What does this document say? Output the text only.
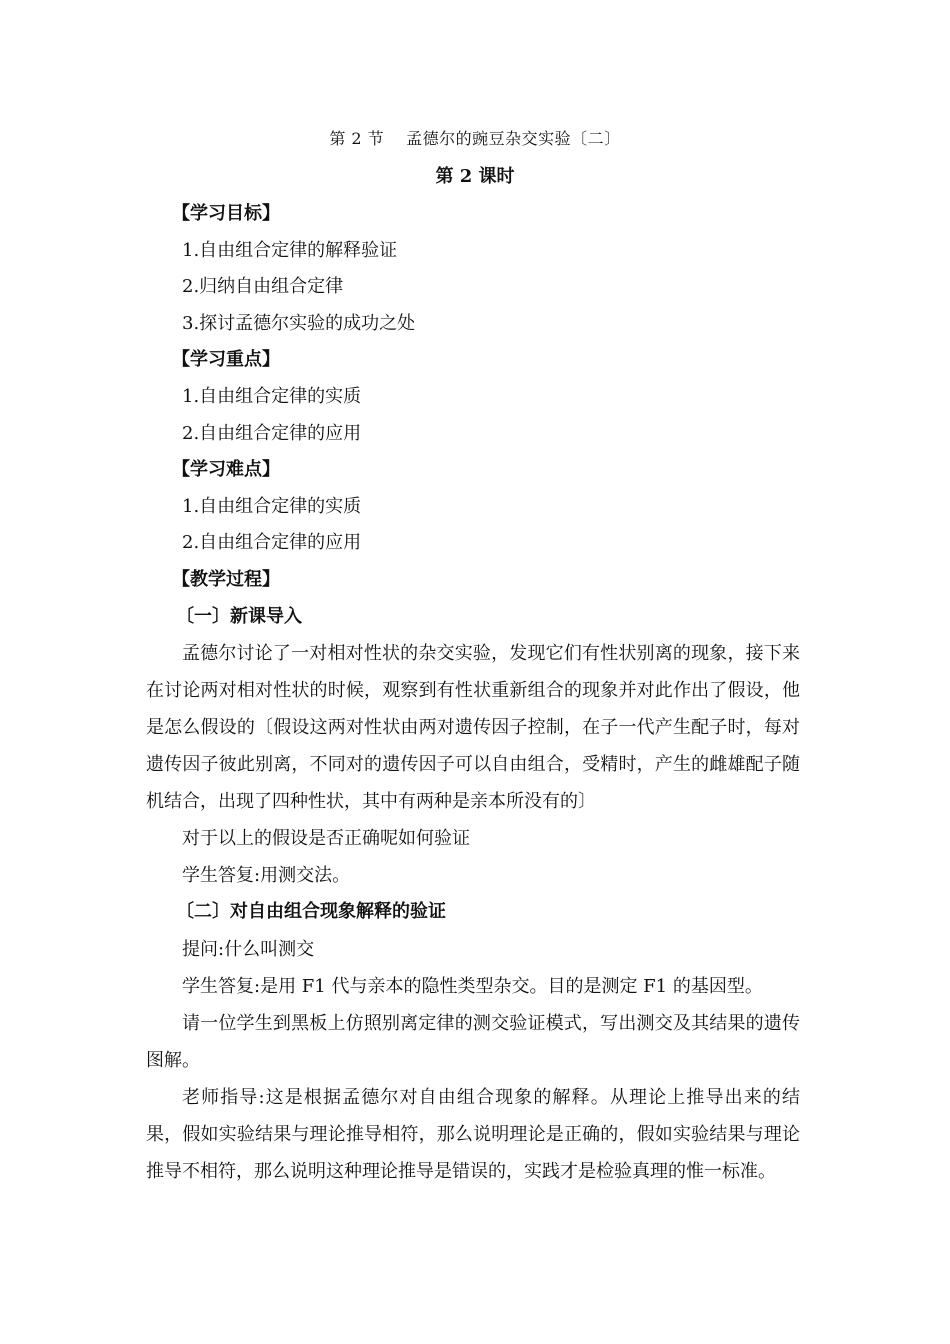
第 2 节 孟德尔的豌豆杂交实验〔二〕
第 2 课时

【学习目标】

1.自由组合定律的解释验证

2.归纳自由组合定律

3.探讨孟德尔实验的成功之处

【学习重点】

1.自由组合定律的实质

2.自由组合定律的应用

【学习难点】

1.自由组合定律的实质

2.自由组合定律的应用

【教学过程】

〔一〕新课导入

孟德尔讨论了一对相对性状的杂交实验，发现它们有性状别离的现象，接下来在讨论两对相对性状的时候，观察到有性状重新组合的现象并对此作出了假设，他是怎么假设的〔假设这两对性状由两对遗传因子控制，在子一代产生配子时，每对遗传因子彼此别离，不同对的遗传因子可以自由组合，受精时，产生的雌雄配子随机结合，出现了四种性状，其中有两种是亲本所没有的〕

对于以上的假设是否正确呢如何验证

学生答复:用测交法。

〔二〕对自由组合现象解释的验证

提问:什么叫测交

学生答复:是用 F1 代与亲本的隐性类型杂交。目的是测定 F1 的基因型。

请一位学生到黑板上仿照别离定律的测交验证模式，写出测交及其结果的遗传图解。

老师指导:这是根据孟德尔对自由组合现象的解释。从理论上推导出来的结果，假如实验结果与理论推导相符，那么说明理论是正确的，假如实验结果与理论推导不相符，那么说明这种理论推导是错误的，实践才是检验真理的惟一标准。
